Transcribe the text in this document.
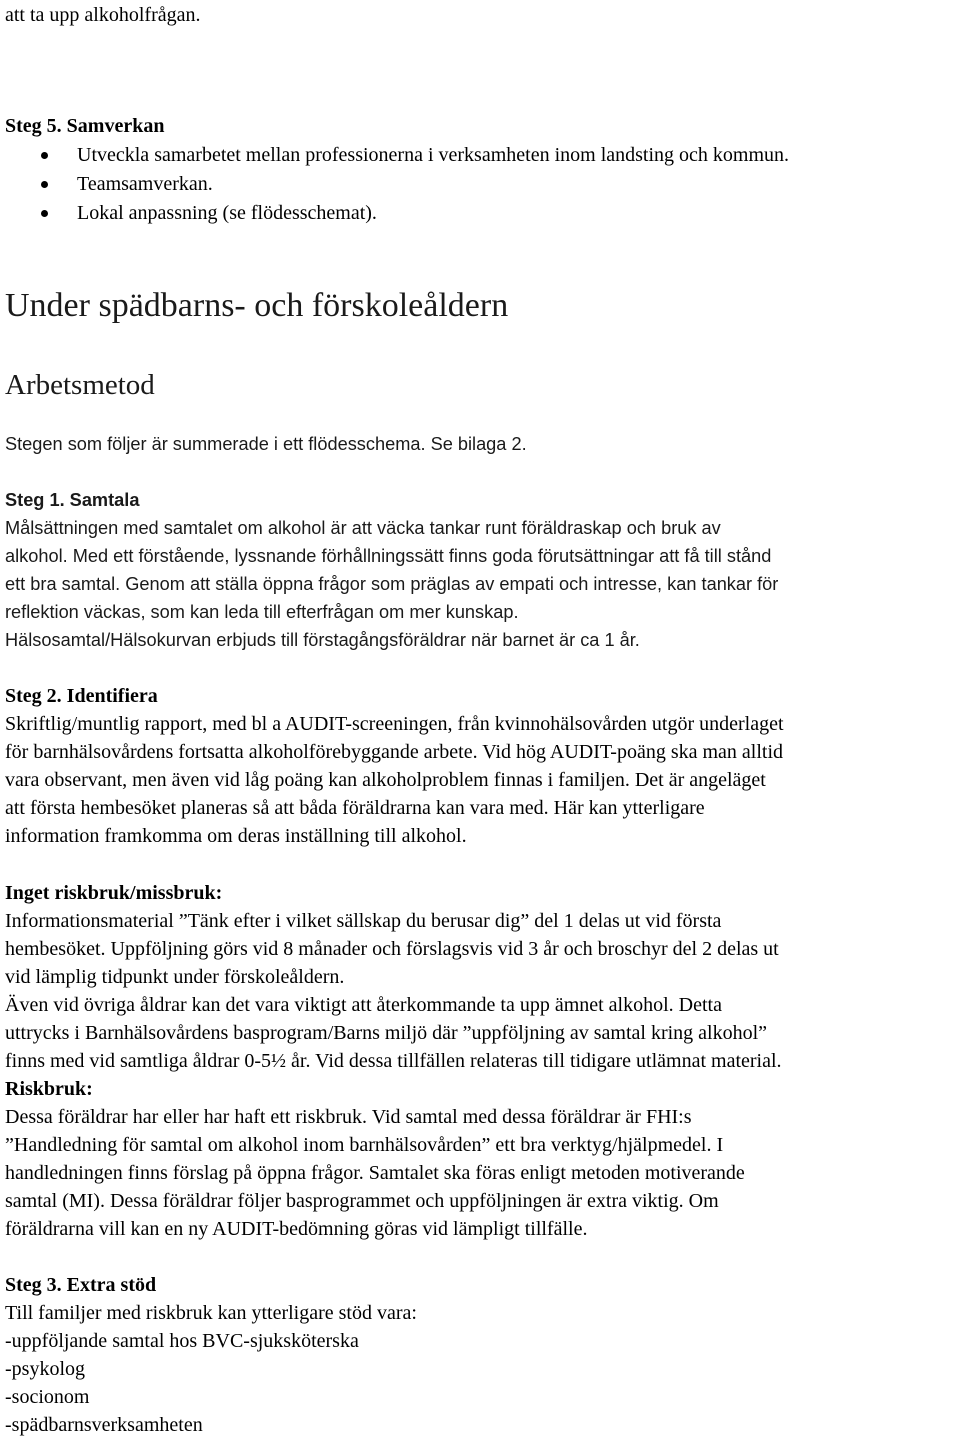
att ta upp alkoholfrågan.
Steg 5. Samverkan
Utveckla samarbetet mellan professionerna i verksamheten inom landsting och kommun.
Teamsamverkan.
Lokal anpassning (se flödesschemat).
Under spädbarns- och förskoleåldern
Arbetsmetod
Stegen som följer är summerade i ett flödesschema. Se bilaga 2.
Steg 1. Samtala
Målsättningen med samtalet om alkohol är att väcka tankar runt föräldraskap och bruk av
alkohol. Med ett förstående, lyssnande förhållningssätt finns goda förutsättningar att få till stånd
ett bra samtal. Genom att ställa öppna frågor som präglas av empati och intresse, kan tankar för
reflektion väckas, som kan leda till efterfrågan om mer kunskap.
Hälsosamtal/Hälsokurvan erbjuds till förstagångsföräldrar när barnet är ca 1 år.
Steg 2. Identifiera
Skriftlig/muntlig rapport, med bl a AUDIT-screeningen, från kvinnohälsovården utgör underlaget
för barnhälsovårdens fortsatta alkoholförebyggande arbete. Vid hög AUDIT-poäng ska man alltid
vara observant, men även vid låg poäng kan alkoholproblem finnas i familjen. Det är angeläget
att första hembesöket planeras så att båda föräldrarna kan vara med. Här kan ytterligare
information framkomma om deras inställning till alkohol.
Inget riskbruk/missbruk:
Informationsmaterial ”Tänk efter i vilket sällskap du berusar dig” del 1 delas ut vid första
hembesöket. Uppföljning görs vid 8 månader och förslagsvis vid 3 år och broschyr del 2 delas ut
vid lämplig tidpunkt under förskoleåldern.
Även vid övriga åldrar kan det vara viktigt att återkommande ta upp ämnet alkohol. Detta
uttrycks i Barnhälsovårdens basprogram/Barns miljö där ”uppföljning av samtal kring alkohol”
finns med vid samtliga åldrar 0-5½ år. Vid dessa tillfällen relateras till tidigare utlämnat material.
Riskbruk:
Dessa föräldrar har eller har haft ett riskbruk. Vid samtal med dessa föräldrar är FHI:s
”Handledning för samtal om alkohol inom barnhälsovården” ett bra verktyg/hjälpmedel. I
handledningen finns förslag på öppna frågor. Samtalet ska föras enligt metoden motiverande
samtal (MI). Dessa föräldrar följer basprogrammet och uppföljningen är extra viktig. Om
föräldrarna vill kan en ny AUDIT-bedömning göras vid lämpligt tillfälle.
Steg 3. Extra stöd
Till familjer med riskbruk kan ytterligare stöd vara:
-uppföljande samtal hos BVC-sjuksköterska
-psykolog
-socionom
-spädbarnsverksamheten
